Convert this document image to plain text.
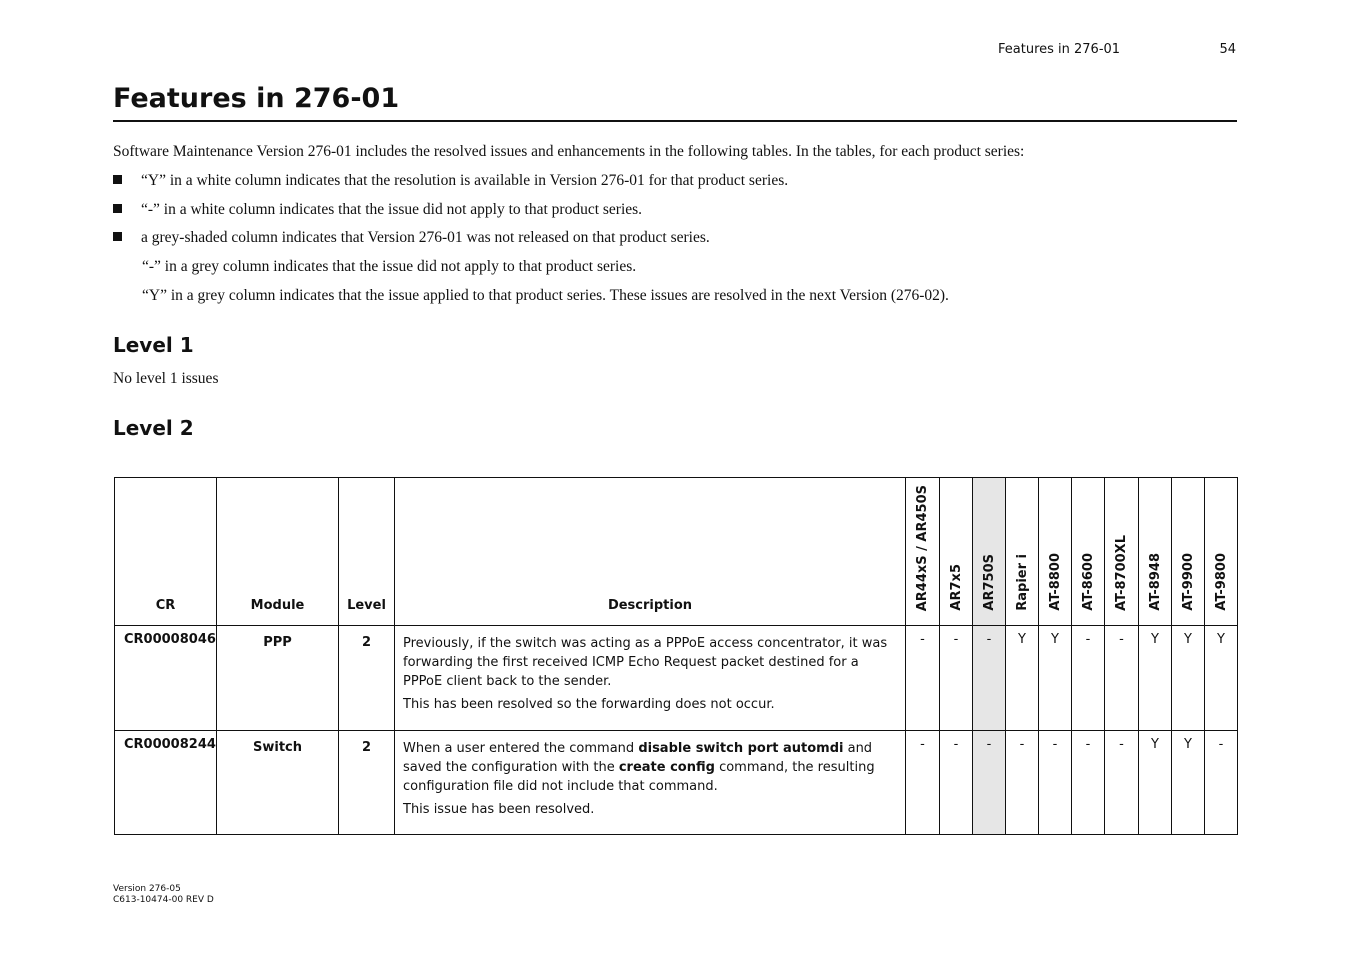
Features in 276-01	54
Features in 276-01
Software Maintenance Version 276-01 includes the resolved issues and enhancements in the following tables. In the tables, for each product series:
“Y” in a white column indicates that the resolution is available in Version 276-01 for that product series.
“-” in a white column indicates that the issue did not apply to that product series.
a grey-shaded column indicates that Version 276-01 was not released on that product series.
“-” in a grey column indicates that the issue did not apply to that product series.
“Y” in a grey column indicates that the issue applied to that product series. These issues are resolved in the next Version (276-02).
Level 1
No level 1 issues
Level 2
CR	Module	Level	Description	AR44xS / AR450S	AR7x5	AR750S	Rapier i	AT-8800	AT-8600	AT-8700XL	AT-8948	AT-9900	AT-9800
CR00008046	PPP	2	Previously, if the switch was acting as a PPPoE access concentrator, it was forwarding the first received ICMP Echo Request packet destined for a PPPoE client back to the sender.

This has been resolved so the forwarding does not occur.	-	-	-	Y	Y	-	-	Y	Y	Y
CR00008244	Switch	2	When a user entered the command disable switch port automdi and saved the configuration with the create config command, the resulting configuration file did not include that command.

This issue has been resolved.	-	-	-	-	-	-	-	Y	Y	-
Version 276-05
C613-10474-00 REV D
